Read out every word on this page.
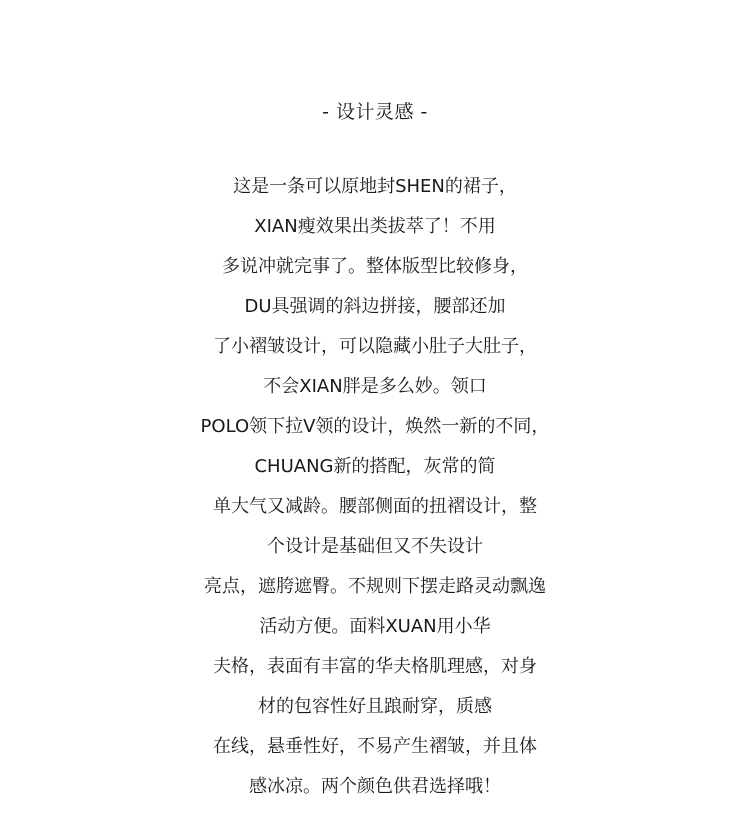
- 设计灵感 -
这是一条可以原地封SHEN的裙子，
XIAN瘦效果出类拔萃了！不用
多说冲就完事了。整体版型比较修身，
DU具强调的斜边拼接，腰部还加
了小褶皱设计，可以隐藏小肚子大肚子，
不会XIAN胖是多么妙。领口
POLO领下拉V领的设计，焕然一新的不同，
CHUANG新的搭配，灰常的简
单大气又减龄。腰部侧面的扭褶设计，整
个设计是基础但又不失设计
亮点，遮胯遮臀。不规则下摆走路灵动飘逸
活动方便。面料XUAN用小华
夫格，表面有丰富的华夫格肌理感，对身
材的包容性好且踉耐穿，质感
在线，悬垂性好，不易产生褶皱，并且体
感冰凉。两个颜色供君选择哦！
